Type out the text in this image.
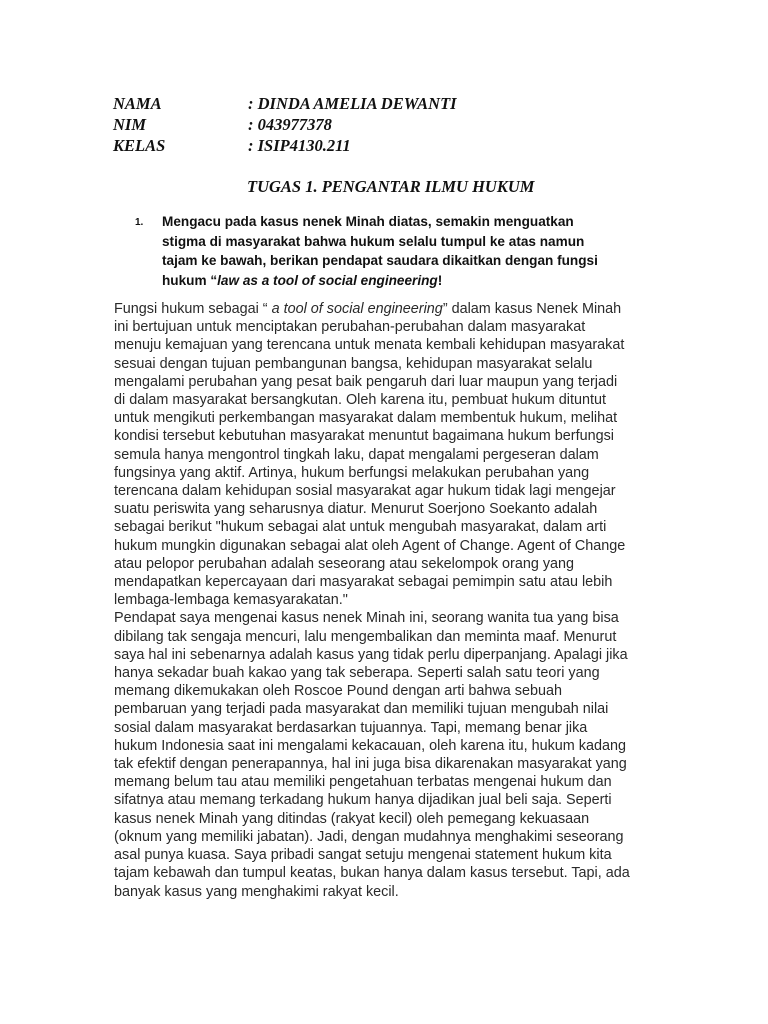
NAMA	: DINDA AMELIA DEWANTI
NIM	: 043977378
KELAS	: ISIP4130.211
TUGAS 1. PENGANTAR ILMU HUKUM
1. Mengacu pada kasus nenek Minah diatas, semakin menguatkan
stigma di masyarakat bahwa hukum selalu tumpul ke atas namun
tajam ke bawah, berikan pendapat saudara dikaitkan dengan fungsi
hukum “law as a tool of social engineering!
Fungsi hukum sebagai “ a tool of social engineering” dalam kasus Nenek Minah
ini bertujuan untuk menciptakan perubahan-perubahan dalam masyarakat
menuju kemajuan yang terencana untuk menata kembali kehidupan masyarakat
sesuai dengan tujuan pembangunan bangsa, kehidupan masyarakat selalu
mengalami perubahan yang pesat baik pengaruh dari luar maupun yang terjadi
di dalam masyarakat bersangkutan. Oleh karena itu, pembuat hukum dituntut
untuk mengikuti perkembangan masyarakat dalam membentuk hukum, melihat
kondisi tersebut kebutuhan masyarakat menuntut bagaimana hukum berfungsi
semula hanya mengontrol tingkah laku, dapat mengalami pergeseran dalam
fungsinya yang aktif. Artinya, hukum berfungsi melakukan perubahan yang
terencana dalam kehidupan sosial masyarakat agar hukum tidak lagi mengejar
suatu periswita yang seharusnya diatur. Menurut Soerjono Soekanto adalah
sebagai berikut "hukum sebagai alat untuk mengubah masyarakat, dalam arti
hukum mungkin digunakan sebagai alat oleh Agent of Change. Agent of Change
atau pelopor perubahan adalah seseorang atau sekelompok orang yang
mendapatkan kepercayaan dari masyarakat sebagai pemimpin satu atau lebih
lembaga-lembaga kemasyarakatan."
Pendapat saya mengenai kasus nenek Minah ini, seorang wanita tua yang bisa
dibilang tak sengaja mencuri, lalu mengembalikan dan meminta maaf. Menurut
saya hal ini sebenarnya adalah kasus yang tidak perlu diperpanjang. Apalagi jika
hanya sekadar buah kakao yang tak seberapa. Seperti salah satu teori yang
memang dikemukakan oleh Roscoe Pound dengan arti bahwa sebuah
pembaruan yang terjadi pada masyarakat dan memiliki tujuan mengubah nilai
sosial dalam masyarakat berdasarkan tujuannya. Tapi, memang benar jika
hukum Indonesia saat ini mengalami kekacauan, oleh karena itu, hukum kadang
tak efektif dengan penerapannya, hal ini juga bisa dikarenakan masyarakat yang
memang belum tau atau memiliki pengetahuan terbatas mengenai hukum dan
sifatnya atau memang terkadang hukum hanya dijadikan jual beli saja. Seperti
kasus nenek Minah yang ditindas (rakyat kecil) oleh pemegang kekuasaan
(oknum yang memiliki jabatan). Jadi, dengan mudahnya menghakimi seseorang
asal punya kuasa. Saya pribadi sangat setuju mengenai statement hukum kita
tajam kebawah dan tumpul keatas, bukan hanya dalam kasus tersebut. Tapi, ada
banyak kasus yang menghakimi rakyat kecil.
